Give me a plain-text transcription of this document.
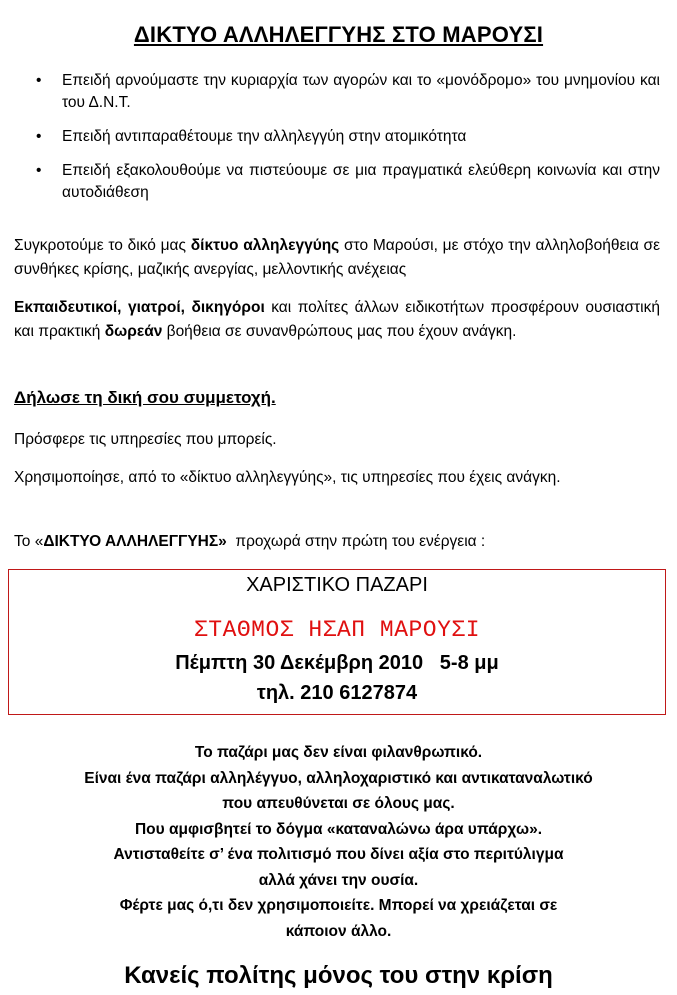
ΔΙΚΤΥΟ ΑΛΛΗΛΕΓΓΥΗΣ ΣΤΟ ΜΑΡΟΥΣΙ
• Επειδή αρνούμαστε την κυριαρχία των αγορών και το «μονόδρομο» του μνημονίου και του Δ.Ν.Τ.
• Επειδή αντιπαραθέτουμε την αλληλεγγύη στην ατομικότητα
• Επειδή εξακολουθούμε να πιστεύουμε σε μια πραγματικά ελεύθερη κοινωνία και στην αυτοδιάθεση

Συγκροτούμε το δικό μας δίκτυο αλληλεγγύης στο Μαρούσι, με στόχο την αλληλοβοήθεια σε συνθήκες κρίσης, μαζικής ανεργίας, μελλοντικής ανέχειας

Εκπαιδευτικοί, γιατροί, δικηγόροι και πολίτες άλλων ειδικοτήτων προσφέρουν ουσιαστική και πρακτική δωρεάν βοήθεια σε συνανθρώπους μας που έχουν ανάγκη.

Δήλωσε τη δική σου συμμετοχή.

Πρόσφερε τις υπηρεσίες που μπορείς.

Χρησιμοποίησε, από το «δίκτυο αλληλεγγύης», τις υπηρεσίες που έχεις ανάγκη.

Το «ΔΙΚΤΥΟ ΑΛΛΗΛΕΓΓΥΗΣ»  προχωρά στην πρώτη του ενέργεια :

ΧΑΡΙΣΤΙΚΟ ΠΑΖΑΡΙ
ΣΤΑΘΜΟΣ ΗΣΑΠ ΜΑΡΟΥΣΙ
Πέμπτη 30 Δεκέμβρη 2010   5-8 μμ
τηλ. 210 6127874
Το παζάρι μας δεν είναι φιλανθρωπικό.
Είναι ένα παζάρι αλληλέγγυο, αλληλοχαριστικό και αντικαταναλωτικό
που απευθύνεται σε όλους μας.
Που αμφισβητεί το δόγμα «καταναλώνω άρα υπάρχω».
Αντισταθείτε σ’ ένα πολιτισμό που δίνει αξία στο περιτύλιγμα
αλλά χάνει την ουσία.
Φέρτε μας ό,τι δεν χρησιμοποιείτε. Μπορεί να χρειάζεται σε
κάποιον άλλο.
Κανείς πολίτης μόνος του στην κρίση
